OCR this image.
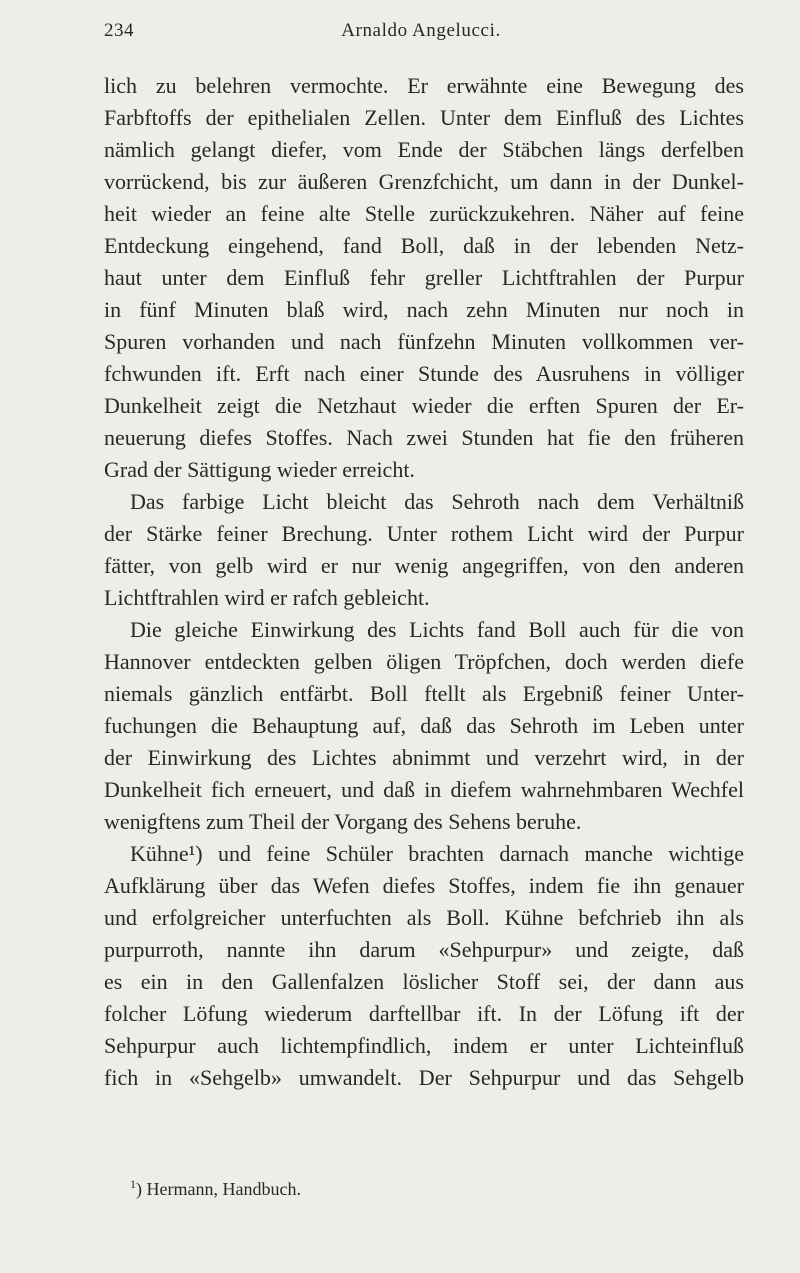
234	Arnaldo Angelucci.
lich zu belehren vermochte. Er erwähnte eine Bewegung des
Farbftoffs der epithelialen Zellen. Unter dem Einfluß des Lichtes
nämlich gelangt diefer, vom Ende der Stäbchen längs derfelben
vorrückend, bis zur äußeren Grenzfchicht, um dann in der Dunkel-
heit wieder an feine alte Stelle zurückzukehren. Näher auf feine
Entdeckung eingehend, fand Boll, daß in der lebenden Netz-
haut unter dem Einfluß fehr greller Lichtftrahlen der Purpur
in fünf Minuten blaß wird, nach zehn Minuten nur noch in
Spuren vorhanden und nach fünfzehn Minuten vollkommen ver-
fchwunden ift. Erft nach einer Stunde des Ausruhens in völliger
Dunkelheit zeigt die Netzhaut wieder die erften Spuren der Er-
neuerung diefes Stoffes. Nach zwei Stunden hat fie den früheren
Grad der Sättigung wieder erreicht.
Das farbige Licht bleicht das Sehroth nach dem Verhältniß
der Stärke feiner Brechung. Unter rothem Licht wird der Purpur
fätter, von gelb wird er nur wenig angegriffen, von den anderen
Lichtftrahlen wird er rafch gebleicht.
Die gleiche Einwirkung des Lichts fand Boll auch für die von
Hannover entdeckten gelben öligen Tröpfchen, doch werden diefe
niemals gänzlich entfärbt. Boll ftellt als Ergebniß feiner Unter-
fuchungen die Behauptung auf, daß das Sehroth im Leben unter
der Einwirkung des Lichtes abnimmt und verzehrt wird, in der
Dunkelheit fich erneuert, und daß in diefem wahrnehmbaren Wechfel
wenigftens zum Theil der Vorgang des Sehens beruhe.
Kühne¹) und feine Schüler brachten darnach manche wichtige
Aufklärung über das Wefen diefes Stoffes, indem fie ihn genauer
und erfolgreicher unterfuchten als Boll. Kühne befchrieb ihn als
purpurroth, nannte ihn darum «Sehpurpur» und zeigte, daß
es ein in den Gallenfalzen löslicher Stoff sei, der dann aus
folcher Löfung wiederum darftellbar ift. In der Löfung ift der
Sehpurpur auch lichtempfindlich, indem er unter Lichteinfluß
fich in «Sehgelb» umwandelt. Der Sehpurpur und das Sehgelb
$^1$) Hermann, Handbuch.
